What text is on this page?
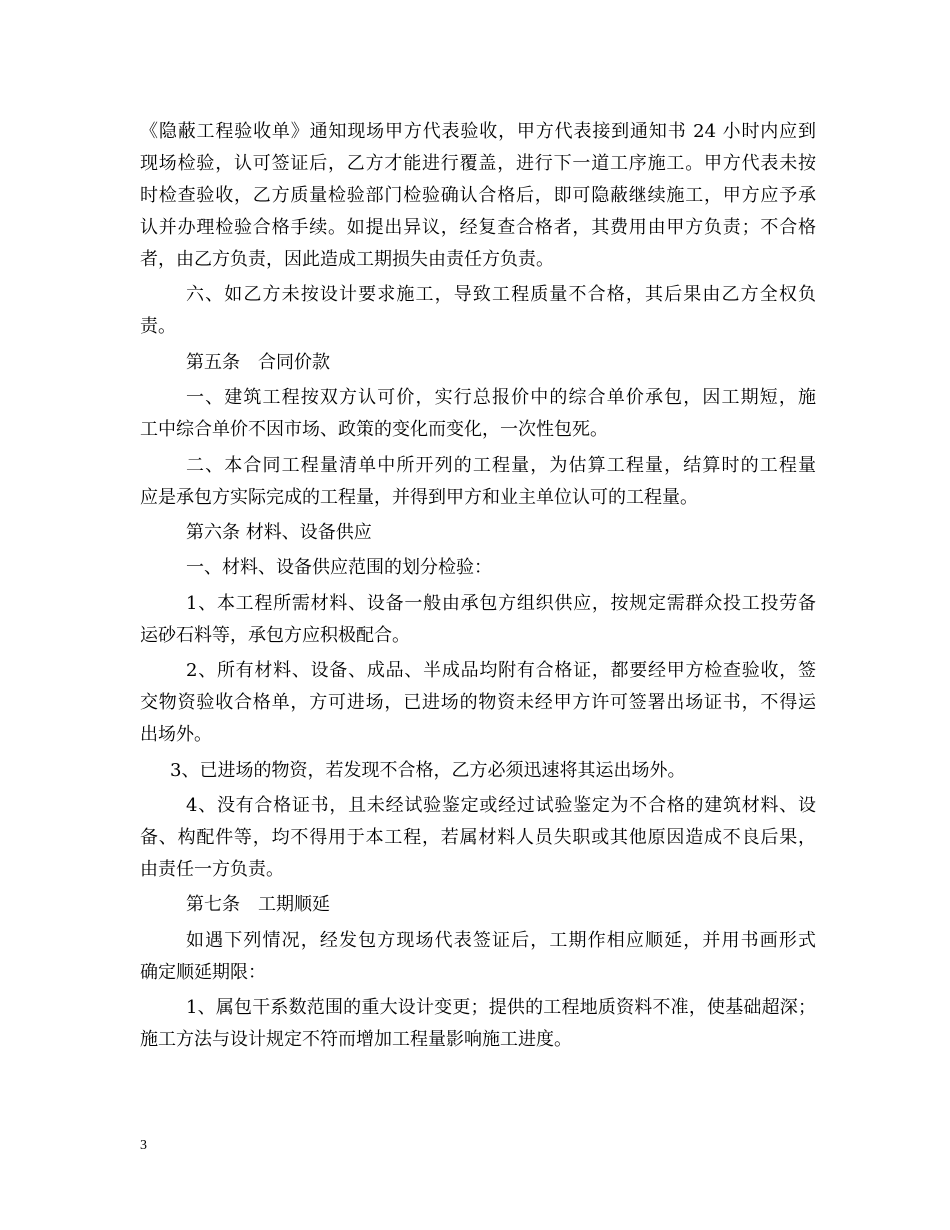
《隐蔽工程验收单》通知现场甲方代表验收，甲方代表接到通知书 24 小时内应到
现场检验，认可签证后，乙方才能进行覆盖，进行下一道工序施工。甲方代表未按
时检查验收，乙方质量检验部门检验确认合格后，即可隐蔽继续施工，甲方应予承
认并办理检验合格手续。如提出异议，经复查合格者，其费用由甲方负责；不合格
者，由乙方负责，因此造成工期损失由责任方负责。
六、如乙方未按设计要求施工，导致工程质量不合格，其后果由乙方全权负
责。
第五条　合同价款
一、建筑工程按双方认可价，实行总报价中的综合单价承包，因工期短，施
工中综合单价不因市场、政策的变化而变化，一次性包死。
二、本合同工程量清单中所开列的工程量，为估算工程量，结算时的工程量
应是承包方实际完成的工程量，并得到甲方和业主单位认可的工程量。
第六条 材料、设备供应
一、材料、设备供应范围的划分检验：
1、本工程所需材料、设备一般由承包方组织供应，按规定需群众投工投劳备
运砂石料等，承包方应积极配合。
2、所有材料、设备、成品、半成品均附有合格证，都要经甲方检查验收，签
交物资验收合格单，方可进场，已进场的物资未经甲方许可签署出场证书，不得运
出场外。
3、已进场的物资，若发现不合格，乙方必须迅速将其运出场外。
4、没有合格证书，且未经试验鉴定或经过试验鉴定为不合格的建筑材料、设
备、构配件等，均不得用于本工程，若属材料人员失职或其他原因造成不良后果，
由责任一方负责。
第七条　工期顺延
如遇下列情况，经发包方现场代表签证后，工期作相应顺延，并用书画形式
确定顺延期限：
1、属包干系数范围的重大设计变更；提供的工程地质资料不准，使基础超深；
施工方法与设计规定不符而增加工程量影响施工进度。
3
